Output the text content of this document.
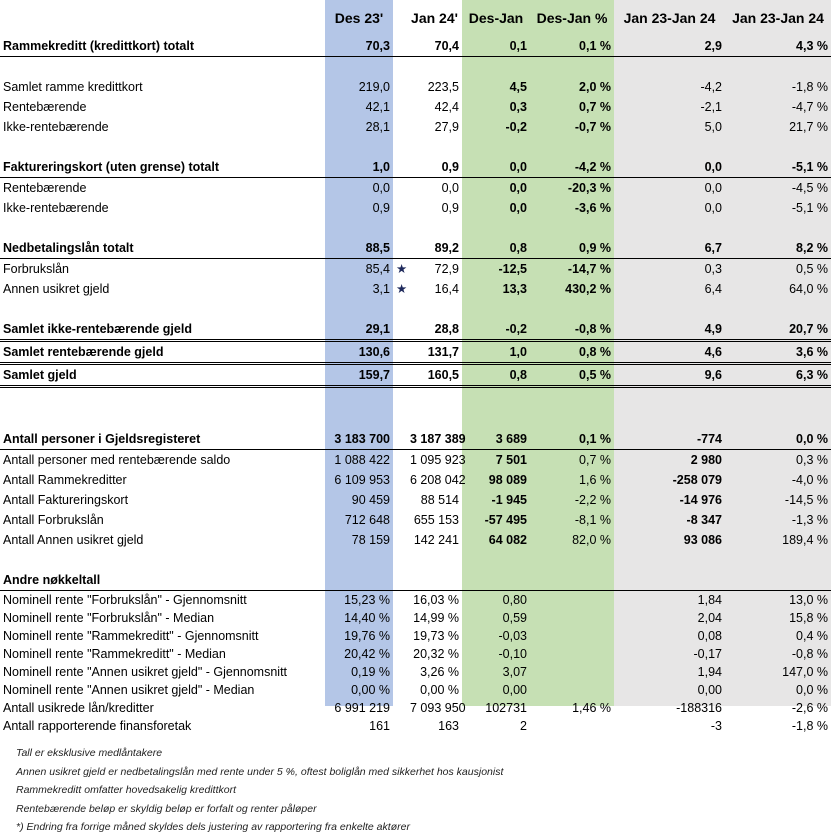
	Des 23'		Jan 24'	Des-Jan	Des-Jan %	Jan 23-Jan 24	Jan 23-Jan 24
Rammekreditt (kredittkort) totalt	70,3		70,4	0,1	0,1 %	2,9	4,3 %

Samlet ramme kredittkort	219,0		223,5	4,5	2,0 %	-4,2	-1,8 %
Rentebærende	42,1		42,4	0,3	0,7 %	-2,1	-4,7 %
Ikke-rentebærende	28,1		27,9	-0,2	-0,7 %	5,0	21,7 %

Faktureringskort (uten grense) totalt	1,0		0,9	0,0	-4,2 %	0,0	-5,1 %
Rentebærende	0,0		0,0	0,0	-20,3 %	0,0	-4,5 %
Ikke-rentebærende	0,9		0,9	0,0	-3,6 %	0,0	-5,1 %

Nedbetalingslån totalt	88,5		89,2	0,8	0,9 %	6,7	8,2 %
Forbrukslån	85,4	★	72,9	-12,5	-14,7 %	0,3	0,5 %
Annen usikret gjeld	3,1	★	16,4	13,3	430,2 %	6,4	64,0 %

Samlet ikke-rentebærende gjeld	29,1		28,8	-0,2	-0,8 %	4,9	20,7 %
Samlet rentebærende gjeld	130,6		131,7	1,0	0,8 %	4,6	3,6 %
Samlet gjeld	159,7		160,5	0,8	0,5 %	9,6	6,3 %

Antall personer i Gjeldsregisteret	3 183 700		3 187 389	3 689	0,1 %	-774	0,0 %
Antall personer med rentebærende saldo	1 088 422		1 095 923	7 501	0,7 %	2 980	0,3 %
Antall Rammekreditter	6 109 953		6 208 042	98 089	1,6 %	-258 079	-4,0 %
Antall Faktureringskort	90 459		88 514	-1 945	-2,2 %	-14 976	-14,5 %
Antall Forbrukslån	712 648		655 153	-57 495	-8,1 %	-8 347	-1,3 %
Antall Annen usikret gjeld	78 159		142 241	64 082	82,0 %	93 086	189,4 %

Andre nøkkeltall							
Nominell rente "Forbrukslån" - Gjennomsnitt	15,23 %		16,03 %	0,80		1,84	13,0 %
Nominell rente "Forbrukslån" - Median	14,40 %		14,99 %	0,59		2,04	15,8 %
Nominell rente "Rammekreditt" - Gjennomsnitt	19,76 %		19,73 %	-0,03		0,08	0,4 %
Nominell rente "Rammekreditt" - Median	20,42 %		20,32 %	-0,10		-0,17	-0,8 %
Nominell rente "Annen usikret gjeld" - Gjennomsnitt	0,19 %		3,26 %	3,07		1,94	147,0 %
Nominell rente "Annen usikret gjeld" - Median	0,00 %		0,00 %	0,00		0,00	0,0 %
Antall usikrede lån/kreditter	6 991 219		7 093 950	102731	1,46 %	-188316	-2,6 %
Antall rapporterende finansforetak	161		163	2		-3	-1,8 %
Tall er eksklusive medlåntakere
Annen usikret gjeld er nedbetalingslån med rente under 5 %, oftest boliglån med sikkerhet hos kausjonist
Rammekreditt omfatter hovedsakelig kredittkort
Rentebærende beløp er skyldig beløp er forfalt og renter påløper
*) Endring fra forrige måned skyldes dels justering av rapportering fra enkelte aktører
